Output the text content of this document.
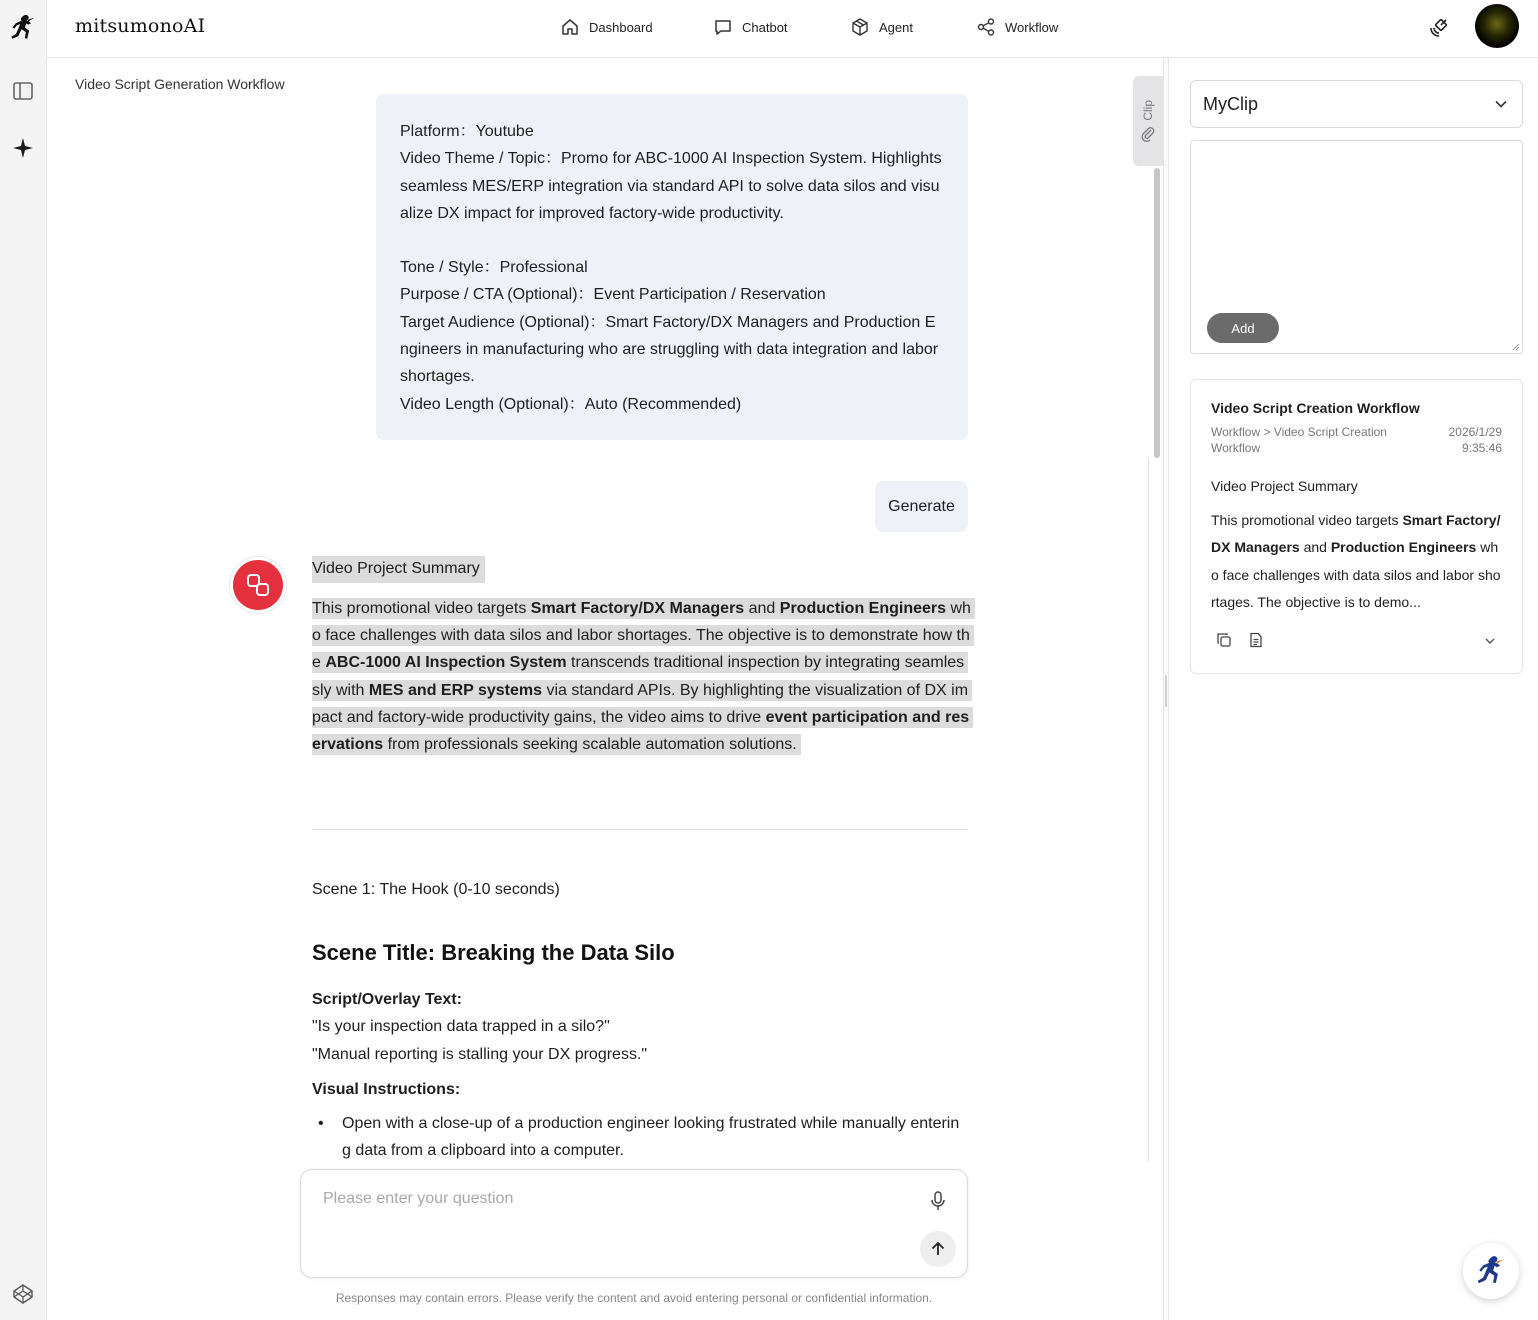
mitsumonoAI	Dashboard	Chatbot	Agent	Workflow
Video Script Generation Workflow

Platform：Youtube

Video Theme / Topic：Promo for ABC-1000 AI Inspection System. Highlights seamless MES/ERP integration via standard API to solve data silos and visualize DX impact for improved factory-wide productivity.

Tone / Style：Professional

Purpose / CTA (Optional)：Event Participation / Reservation

Target Audience (Optional)：Smart Factory/DX Managers and Production Engineers in manufacturing who are struggling with data integration and labor shortages.

Video Length (Optional)：Auto (Recommended)

Generate
Video Project Summary
This promotional video targets Smart Factory/DX Managers and Production Engineers who face challenges with data silos and labor shortages. The objective is to demonstrate how the ABC-1000 AI Inspection System transcends traditional inspection by integrating seamlessly with MES and ERP systems via standard APIs. By highlighting the visualization of DX impact and factory-wide productivity gains, the video aims to drive event participation and reservations from professionals seeking scalable automation solutions.
Scene 1: The Hook (0-10 seconds)
Scene Title: Breaking the Data Silo
Script/Overlay Text:
"Is your inspection data trapped in a silo?"
"Manual reporting is stalling your DX progress."
Visual Instructions:
• Open with a close-up of a production engineer looking frustrated while manually entering data from a clipboard into a computer.
Clip
Please enter your question
Responses may contain errors. Please verify the content and avoid entering personal or confidential information.
MyClip
Add
Video Script Creation Workflow
Workflow > Video Script Creation Workflow
2026/1/29
9:35:46
Video Project Summary
This promotional video targets Smart Factory/DX Managers and Production Engineers who face challenges with data silos and labor shortages. The objective is to demo...
